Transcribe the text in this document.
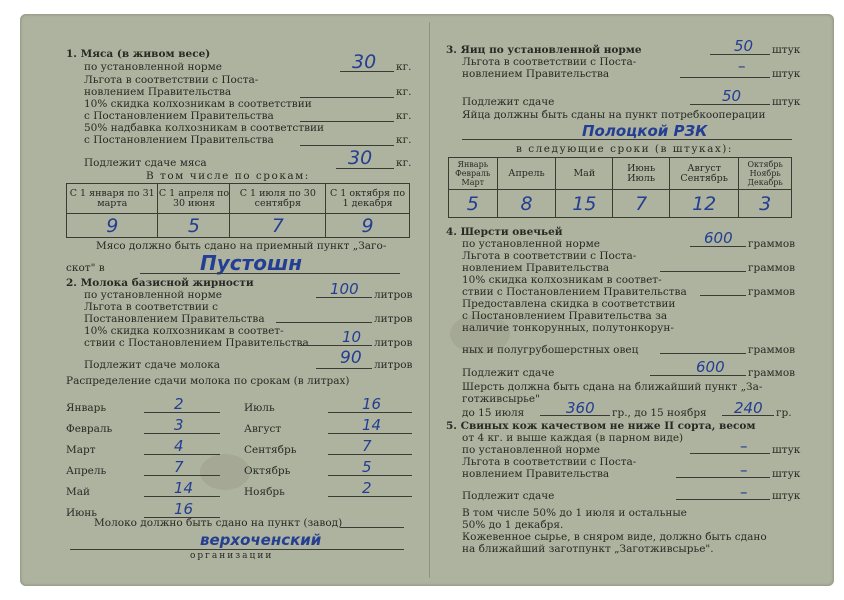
1. Мяса (в живом весе)
по установленной норме	30 кг.
Льгота в соответствии с Поста-
новлением Правительства	кг.
10% скидка колхозникам в соответствии
с Постановлением Правительства	кг.
50% надбавка колхозникам в соответствии
с Постановлением Правительства	кг.
Подлежит сдаче мяса	30 кг.
В том числе по срокам:
С 1 января по 31 марта	С 1 апреля по 30 июня	С 1 июля по 30 сентября	С 1 октября по 1 декабря
9	5	7	9
Мясо должно быть сдано на приемный пункт „Заго-
скот" в	Пустошн
2. Молока базисной жирности
по установленной норме	100 литров
Льгота в соответствии с
Постановлением Правительства	литров
10% скидка колхозникам в соответ-
ствии с Постановлением Правительства 10 литров
Подлежит сдаче молока	90 литров
Распределение сдачи молока по срокам (в литрах)
Январь	2
Февраль	3
Март	4
Апрель	7
Май	14
Июнь	16
Июль	16
Август	14
Сентябрь	7
Октябрь	5
Ноябрь	2
Молоко должно быть сдано на пункт (завод)
верхоченский
организации
3. Яиц по установленной норме	50 штук
Льгота в соответствии с Поста-
новлением Правительства	–	штук
Подлежит сдаче	50	штук
Яйца должны быть сданы на пункт потребкооперации
Полоцкой РЗК
в следующие сроки (в штуках):
Январь Февраль Март	Апрель	Май	Июнь Июль	Август Сентябрь	Октябрь Ноябрь Декабрь
5	8	15	7	12	3
4. Шерсти овечьей
по установленной норме	600 граммов
Льгота в соответствии с Поста-
новлением Правительства	граммов
10% скидка колхозникам в соответ-
ствии с Постановлением Правительства	граммов
Предоставлена скидка в соответствии
с Постановлением Правительства за
наличие тонкорунных, полутонкорун-
ных и полугрубошерстных овец	граммов
Подлежит сдаче	600 граммов
Шерсть должна быть сдана на ближайший пункт „За-
готживсырье"
до 15 июля	360 гр., до 15 ноября 240 гр.
5. Свиных кож качеством не ниже II сорта, весом
от 4 кг. и выше каждая (в парном виде)
по установленной норме	– штук
Льгота в соответствии с Поста-
новлением Правительства	– штук
Подлежит сдаче	– штук
В том числе 50% до 1 июля и остальные
50% до 1 декабря.
Кожевенное сырье, в сняром виде, должно быть сдано
на ближайший заготпункт „Заготживсырье".
